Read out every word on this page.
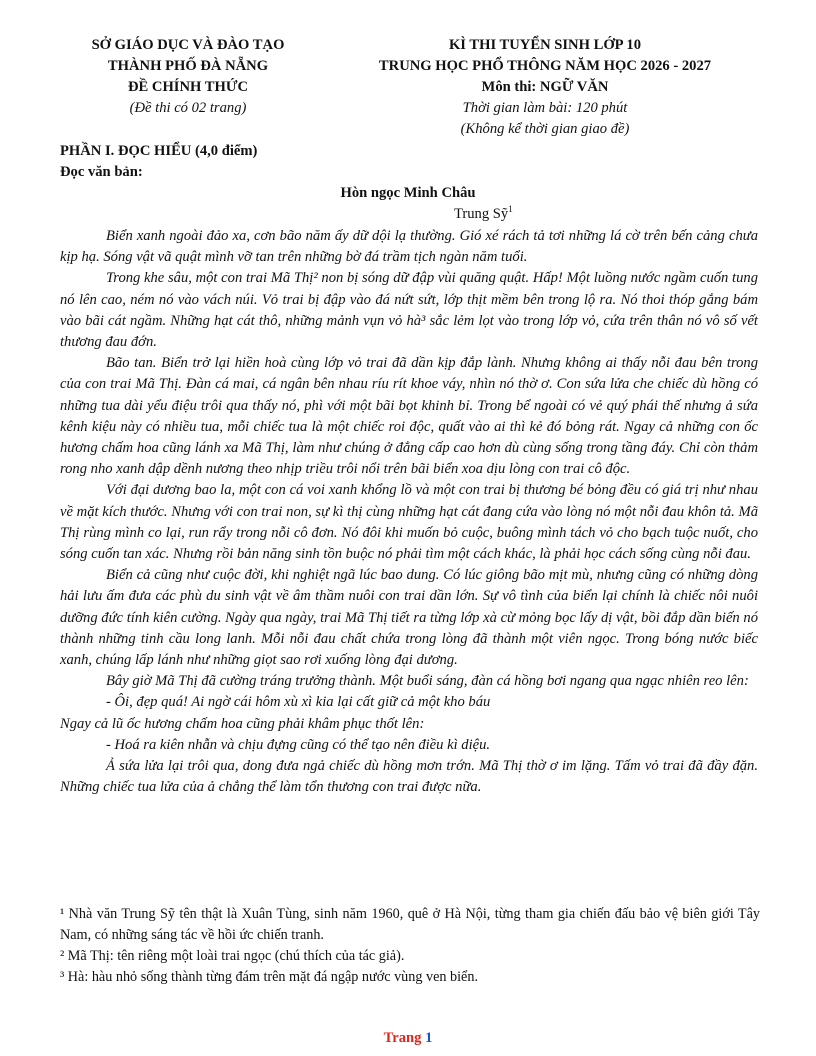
SỞ GIÁO DỤC VÀ ĐÀO TẠO
THÀNH PHỐ ĐÀ NẴNG
ĐỀ CHÍNH THỨC
(Đề thi có 02 trang)
KÌ THI TUYỂN SINH LỚP 10
TRUNG HỌC PHỔ THÔNG NĂM HỌC 2026 - 2027
Môn thi: NGỮ VĂN
Thời gian làm bài: 120 phút
(Không kể thời gian giao đề)
PHẦN I. ĐỌC HIỂU (4,0 điểm)
Đọc văn bản:
Hòn ngọc Minh Châu
Trung Sỹ$^1$

Biển xanh ngoài đảo xa, cơn bão năm ấy dữ dội lạ thường. Gió xé rách tả tơi những lá cờ trên bến cảng chưa kịp hạ. Sóng vật vã quật mình vỡ tan trên những bờ đá trầm tịch ngàn năm tuổi.

Trong khe sâu, một con trai Mã Thị² non bị sóng dữ đập vùi quăng quật. Hấp! Một luồng nước ngầm cuốn tung nó lên cao, ném nó vào vách núi. Vỏ trai bị đập vào đá nứt sứt, lớp thịt mềm bên trong lộ ra. Nó thoi thóp gắng bám vào bãi cát ngầm. Những hạt cát thô, những mảnh vụn vỏ hà³ sắc lẻm lọt vào trong lớp vỏ, cứa trên thân nó vô số vết thương đau đớn.

Bão tan. Biển trở lại hiền hoà cùng lớp vỏ trai đã dần kịp đắp lành. Nhưng không ai thấy nỗi đau bên trong của con trai Mã Thị. Đàn cá mai, cá ngân bên nhau ríu rít khoe váy, nhìn nó thờ ơ. Con sứa lửa che chiếc dù hồng có những tua dài yểu điệu trôi qua thấy nó, phì với một bãi bọt khinh bỉ. Trong bể ngoài có vẻ quý phái thế nhưng ả sứa kênh kiệu này có nhiều tua, mỗi chiếc tua là một chiếc roi độc, quất vào ai thì kẻ đó bỏng rát. Ngay cả những con ốc hương chấm hoa cũng lánh xa Mã Thị, làm như chúng ở đẳng cấp cao hơn dù cùng sống trong tầng đáy. Chỉ còn thảm rong nho xanh dập dềnh nương theo nhịp triều trôi nổi trên bãi biển xoa dịu lòng con trai cô độc.

Với đại dương bao la, một con cá voi xanh khổng lồ và một con trai bị thương bé bỏng đều có giá trị như nhau về mặt kích thước. Nhưng với con trai non, sự kì thị cùng những hạt cát đang cứa vào lòng nó một nỗi đau khôn tả. Mã Thị rùng mình co lại, run rẩy trong nỗi cô đơn. Nó đôi khi muốn bỏ cuộc, buông mình tách vỏ cho bạch tuộc nuốt, cho sóng cuốn tan xác. Nhưng rồi bản năng sinh tồn buộc nó phải tìm một cách khác, là phải học cách sống cùng nỗi đau.

Biển cả cũng như cuộc đời, khi nghiệt ngã lúc bao dung. Có lúc giông bão mịt mù, nhưng cũng có những dòng hải lưu ấm đưa các phù du sinh vật về âm thầm nuôi con trai dần lớn. Sự vô tình của biển lại chính là chiếc nôi nuôi dưỡng đức tính kiên cường. Ngày qua ngày, trai Mã Thị tiết ra từng lớp xà cừ mỏng bọc lấy dị vật, bồi đắp dần biến nó thành những tinh cầu long lanh. Mỗi nỗi đau chất chứa trong lòng đã thành một viên ngọc. Trong bóng nước biếc xanh, chúng lấp lánh như những giọt sao rơi xuống lòng đại dương.

Bây giờ Mã Thị đã cường tráng trưởng thành. Một buổi sáng, đàn cá hồng bơi ngang qua ngạc nhiên reo lên:

- Ôi, đẹp quá! Ai ngờ cái hôm xù xì kia lại cất giữ cả một kho báu

Ngay cả lũ ốc hương chấm hoa cũng phải khâm phục thốt lên:

- Hoá ra kiên nhẫn và chịu đựng cũng có thể tạo nên điều kì diệu.

Ả sứa lửa lại trôi qua, dong đưa ngả chiếc dù hồng mơn trớn. Mã Thị thờ ơ im lặng. Tấm vỏ trai đã đầy đặn. Những chiếc tua lửa của ả chẳng thể làm tổn thương con trai được nữa.

¹ Nhà văn Trung Sỹ tên thật là Xuân Tùng, sinh năm 1960, quê ở Hà Nội, từng tham gia chiến đấu bảo vệ biên giới Tây Nam, có những sáng tác về hồi ức chiến tranh.

² Mã Thị: tên riêng một loài trai ngọc (chú thích của tác giả).

³ Hà: hàu nhỏ sống thành từng đám trên mặt đá ngập nước vùng ven biển.

Trang 1
